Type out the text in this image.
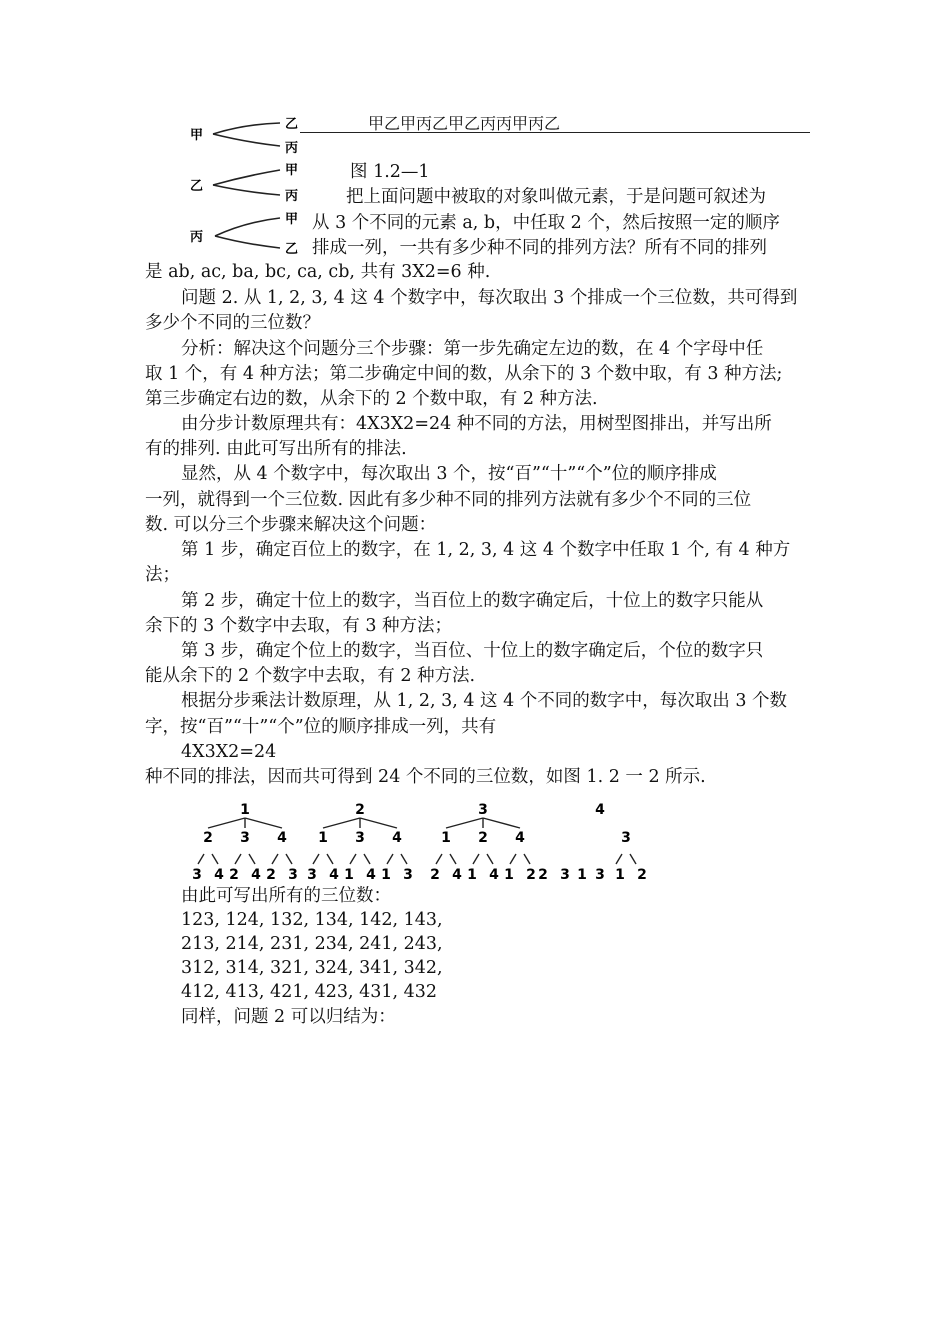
甲乙甲丙乙甲乙丙丙甲丙乙
甲
乙
丙
乙
甲
丙
丙
甲
乙
图 1.2—1
把上面问题中被取的对象叫做元素，于是问题可叙述为
从 3 个不同的元素 a, b，中任取 2 个，然后按照一定的顺序
排成一列，一共有多少种不同的排列方法？所有不同的排列
是 ab, ac, ba, bc, ca, cb, 共有 3X2=6 种.
问题 2. 从 1, 2, 3, 4 这 4 个数字中，每次取出 3 个排成一个三位数，共可得到
多少个不同的三位数？
分析：解决这个问题分三个步骤：第一步先确定左边的数，在 4 个字母中任
取 1 个，有 4 种方法；第二步确定中间的数，从余下的 3 个数中取，有 3 种方法;
第三步确定右边的数，从余下的 2 个数中取，有 2 种方法.
由分步计数原理共有：4X3X2=24 种不同的方法，用树型图排出，并写出所
有的排列. 由此可写出所有的排法.
显然，从 4 个数字中，每次取出 3 个，按“百”“十”“个”位的顺序排成
一列，就得到一个三位数. 因此有多少种不同的排列方法就有多少个不同的三位
数. 可以分三个步骤来解决这个问题：
第 1 步，确定百位上的数字，在 1, 2, 3, 4 这 4 个数字中任取 1 个, 有 4 种方
法；
第 2 步，确定十位上的数字，当百位上的数字确定后，十位上的数字只能从
余下的 3 个数字中去取，有 3 种方法；
第 3 步，确定个位上的数字，当百位、十位上的数字确定后，个位的数字只
能从余下的 2 个数字中去取，有 2 种方法.
根据分步乘法计数原理，从 1, 2, 3, 4 这 4 个不同的数字中，每次取出 3 个数
字，按“百”“十”“个”位的顺序排成一列，共有
4X3X2=24
种不同的排法，因而共可得到 24 个不同的三位数，如图 1. 2 一 2 所示.
1
2
3 4
3
2 4
4
2 3
2
1
3 4
3
1 4
4
1 3
3
1
2 4
2
1 4
4
1 2
4
3
2 3 1 3 1 2
由此可写出所有的三位数：
123, 124, 132, 134, 142, 143,
213, 214, 231, 234, 241, 243,
312, 314, 321, 324, 341, 342,
412, 413, 421, 423, 431, 432
同样，问题 2 可以归结为：
